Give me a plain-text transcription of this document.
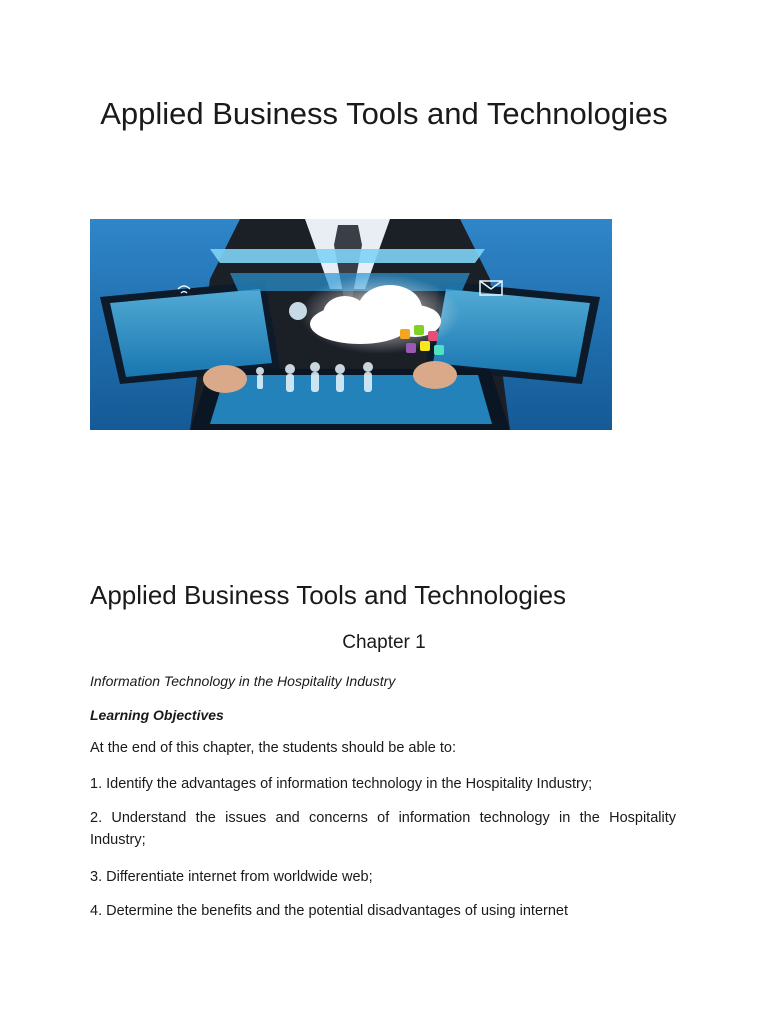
Applied Business Tools and Technologies
Applied Business Tools and Technologies

Chapter 1

Information Technology in the Hospitality Industry

Learning Objectives

At the end of this chapter, the students should be able to:

1. Identify the advantages of information technology in the Hospitality Industry;

2. Understand the issues and concerns of information technology in the Hospitality Industry;

3. Differentiate internet from worldwide web;

4. Determine the benefits and the potential disadvantages of using internet
